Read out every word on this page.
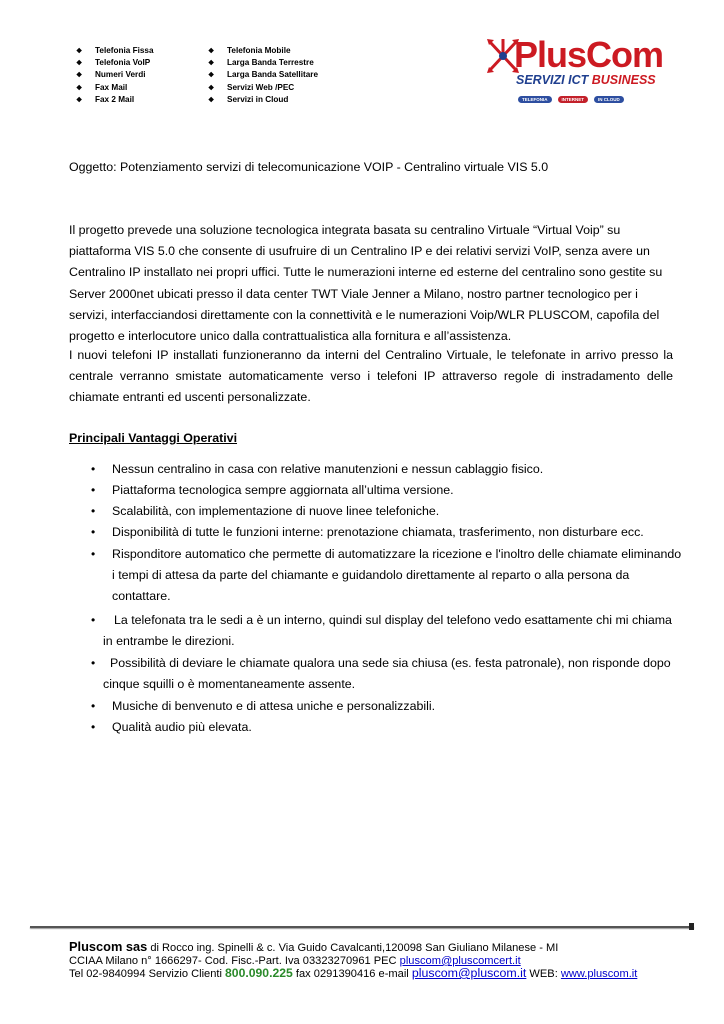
❖ Telefonia Fissa
❖ Telefonia VoIP
❖ Numeri Verdi
❖ Fax Mail
❖ Fax 2 Mail
❖ Telefonia Mobile
❖ Larga Banda Terrestre
❖ Larga Banda Satellitare
❖ Servizi Web /PEC
❖ Servizi in Cloud
PlusCom
SERVIZI ICT BUSINESS
TELEFONIA	INTERNET	IN CLOUD
Oggetto: Potenziamento servizi di telecomunicazione VOIP - Centralino virtuale VIS 5.0
Il progetto prevede una soluzione tecnologica integrata basata su centralino Virtuale “Virtual Voip” su piattaforma VIS 5.0 che consente di usufruire di un Centralino IP e dei relativi servizi VoIP, senza avere un Centralino IP installato nei propri uffici. Tutte le numerazioni interne ed esterne del centralino sono gestite su Server 2000net ubicati presso il data center TWT Viale Jenner a Milano, nostro partner tecnologico per i servizi, interfacciandosi direttamente con la connettività e le numerazioni Voip/WLR PLUSCOM, capofila del progetto e interlocutore unico dalla contrattualistica alla fornitura e all’assistenza.
I nuovi telefoni IP installati funzioneranno da interni del Centralino Virtuale, le telefonate in arrivo presso la centrale verranno smistate automaticamente verso i telefoni IP attraverso regole di instradamento delle chiamate entranti ed uscenti personalizzate.
Principali Vantaggi Operativi
• Nessun centralino in casa con relative manutenzioni e nessun cablaggio fisico.
• Piattaforma tecnologica sempre aggiornata all’ultima versione.
• Scalabilità, con implementazione di nuove linee telefoniche.
• Disponibilità di tutte le funzioni interne: prenotazione chiamata, trasferimento, non disturbare ecc.
•	Risponditore automatico che permette di automatizzare la ricezione e l'inoltro delle chiamate eliminando i tempi di attesa da parte del chiamante e guidandolo direttamente al reparto o alla persona da contattare.
•	La telefonata tra le sedi a è un interno, quindi sul display del telefono vedo esattamente chi mi chiama in entrambe le direzioni.
•	Possibilità di deviare le chiamate qualora una sede sia chiusa (es. festa patronale), non risponde dopo cinque squilli o è momentaneamente assente.
• Musiche di benvenuto e di attesa uniche e personalizzabili.
• Qualità audio più elevata.
Pluscom sas di Rocco ing. Spinelli & c. Via Guido Cavalcanti,120098 San Giuliano Milanese - MI
CCIAA Milano n° 1666297- Cod. Fisc.-Part. Iva 03323270961 PEC pluscom@pluscomcert.it
Tel 02-9840994 Servizio Clienti 800.090.225 fax 0291390416 e-mail pluscom@pluscom.it WEB: www.pluscom.it
